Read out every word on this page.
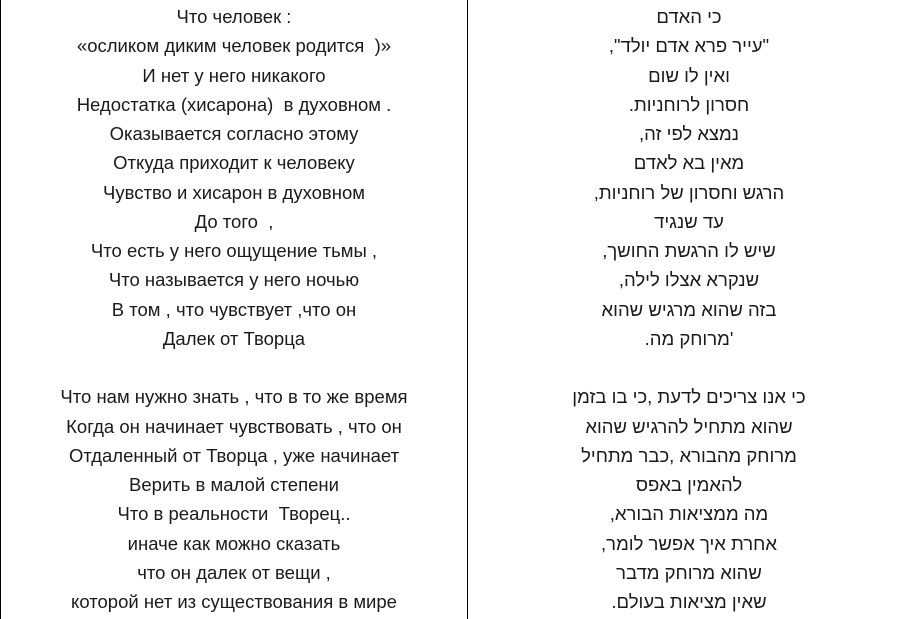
Что человек :
«осликом диким человек родится  )»
И нет у него никакого
Недостатка (хисарона)  в духовном .
Оказывается согласно этому
Откуда приходит к человеку
Чувство и хисарон в духовном
До того  ,
Что есть у него ощущение тьмы ,
Что называется у него ночью
В том , что чувствует ,что он
Далек от Творца
Что нам нужно знать , что в то же время
Когда он начинает чувствовать , что он
Отдаленный от Творца , уже начинает
Верить в малой степени
Что в реальности  Творец..
иначе как можно сказать
что он далек от вещи ,
которой нет из существования в мире
כי האדם
"עייר פרא אדם יולד",
ואין לו שום
חסרון לרוחניות.
נמצא לפי זה,
מאין בא לאדם
הרגש וחסרון של רוחניות,
עד שנגיד
שיש לו הרגשת החושך,
שנקרא אצלו לילה,
בזה שהוא מרגיש שהוא
'מרוחק מה.
כי אנו צריכים לדעת ,כי בו בזמן
שהוא מתחיל להרגיש שהוא
מרוחק מהבורא ,כבר מתחיל
להאמין באפס
מה ממציאות הבורא,
אחרת איך אפשר לומר,
שהוא מרוחק מדבר
שאין מציאות בעולם.
